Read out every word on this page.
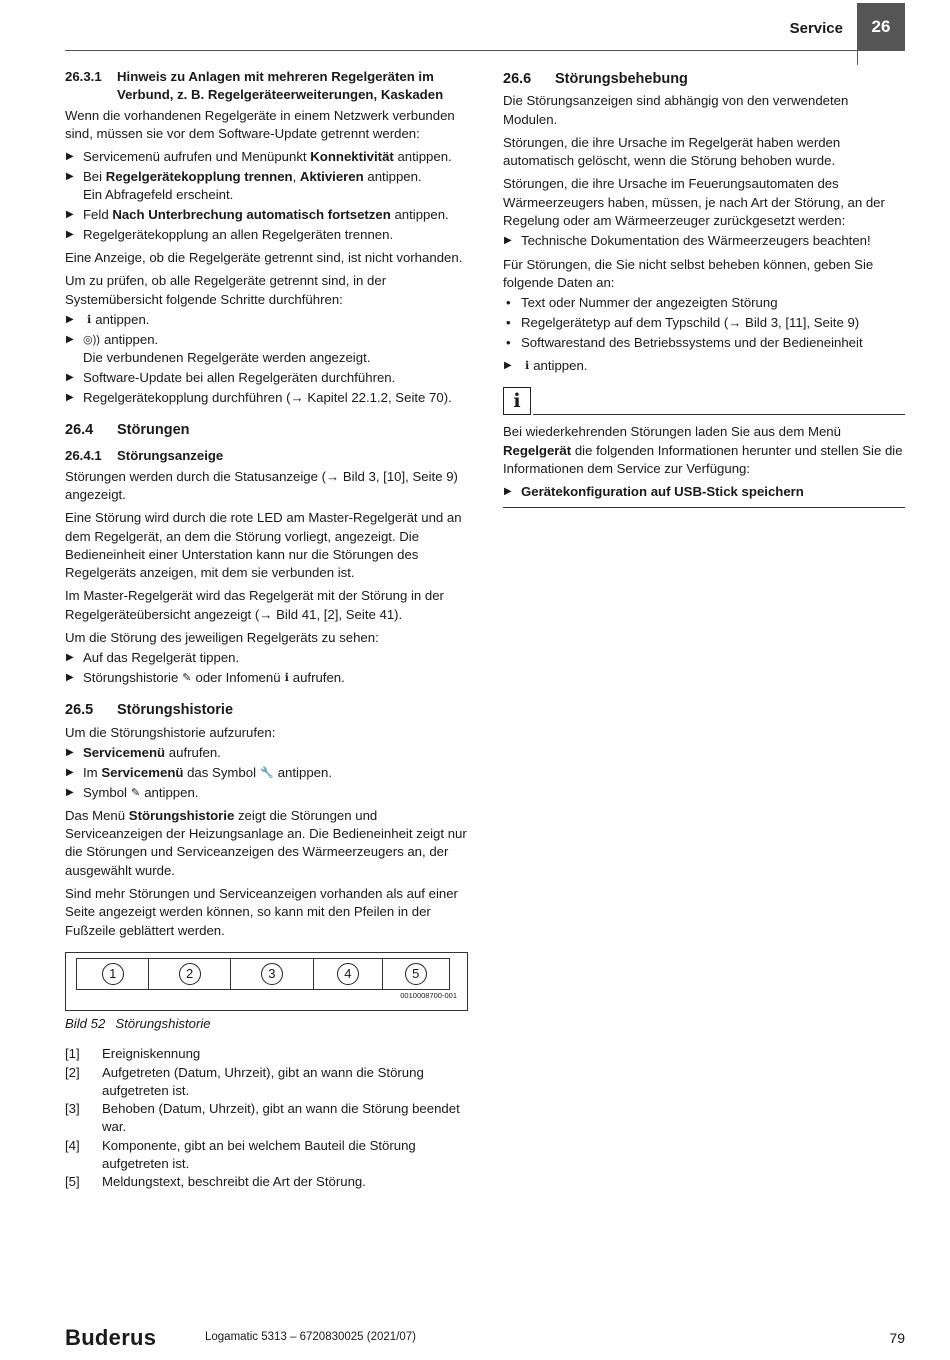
Service	26
26.3.1	Hinweis zu Anlagen mit mehreren Regelgeräten im Verbund, z. B. Regelgeräteerweiterungen, Kaskaden

Wenn die vorhandenen Regelgeräte in einem Netzwerk verbunden sind, müssen sie vor dem Software-Update getrennt werden:

▶ Servicemenü aufrufen und Menüpunkt Konnektivität antippen.
▶ Bei Regelgerätekopplung trennen, Aktivieren antippen.
Ein Abfragefeld erscheint.
▶ Feld Nach Unterbrechung automatisch fortsetzen antippen.
▶ Regelgerätekopplung an allen Regelgeräten trennen.

Eine Anzeige, ob die Regelgeräte getrennt sind, ist nicht vorhanden.

Um zu prüfen, ob alle Regelgeräte getrennt sind, in der Systemübersicht folgende Schritte durchführen:

▶ ℹ antippen.
▶ ◎)) antippen.
Die verbundenen Regelgeräte werden angezeigt.
▶ Software-Update bei allen Regelgeräten durchführen.
▶ Regelgerätekopplung durchführen (→ Kapitel 22.1.2, Seite 70).
26.4	Störungen
26.4.1	Störungsanzeige

Störungen werden durch die Statusanzeige (→ Bild 3, [10], Seite 9) angezeigt.

Eine Störung wird durch die rote LED am Master-Regelgerät und an dem Regelgerät, an dem die Störung vorliegt, angezeigt. Die Bedieneinheit einer Unterstation kann nur die Störungen des Regelgeräts anzeigen, mit dem sie verbunden ist.

Im Master-Regelgerät wird das Regelgerät mit der Störung in der Regelgeräteübersicht angezeigt (→ Bild 41, [2], Seite 41).

Um die Störung des jeweiligen Regelgeräts zu sehen:

▶ Auf das Regelgerät tippen.
▶ Störungshistorie ✎ oder Infomenü ℹ aufrufen.
26.5	Störungshistorie

Um die Störungshistorie aufzurufen:

▶ Servicemenü aufrufen.
▶ Im Servicemenü das Symbol 🔧 antippen.
▶ Symbol ✎ antippen.

Das Menü Störungshistorie zeigt die Störungen und Serviceanzeigen der Heizungsanlage an. Die Bedieneinheit zeigt nur die Störungen und Serviceanzeigen des Wärmeerzeugers an, der ausgewählt wurde.

Sind mehr Störungen und Serviceanzeigen vorhanden als auf einer Seite angezeigt werden können, so kann mit den Pfeilen in der Fußzeile geblättert werden.

1	2	3	4	5
0010008700-001
Bild 52 Störungshistorie
[1]	Ereigniskennung
[2]	Aufgetreten (Datum, Uhrzeit), gibt an wann die Störung aufgetreten ist.
[3]	Behoben (Datum, Uhrzeit), gibt an wann die Störung beendet war.
[4]	Komponente, gibt an bei welchem Bauteil die Störung aufgetreten ist.
[5]	Meldungstext, beschreibt die Art der Störung.
26.6	Störungsbehebung

Die Störungsanzeigen sind abhängig von den verwendeten Modulen.

Störungen, die ihre Ursache im Regelgerät haben werden automatisch gelöscht, wenn die Störung behoben wurde.

Störungen, die ihre Ursache im Feuerungsautomaten des Wärmeerzeugers haben, müssen, je nach Art der Störung, an der Regelung oder am Wärmeerzeuger zurückgesetzt werden:

▶ Technische Dokumentation des Wärmeerzeugers beachten!

Für Störungen, die Sie nicht selbst beheben können, geben Sie folgende Daten an:

• Text oder Nummer der angezeigten Störung
• Regelgerätetyp auf dem Typschild (→ Bild 3, [11], Seite 9)
• Softwarestand des Betriebssystems und der Bedieneinheit
▶ ℹ antippen.
i

Bei wiederkehrenden Störungen laden Sie aus dem Menü Regelgerät die folgenden Informationen herunter und stellen Sie die Informationen dem Service zur Verfügung:

▶ Gerätekonfiguration auf USB-Stick speichern
Buderus	Logamatic 5313 – 6720830025 (2021/07)	79
